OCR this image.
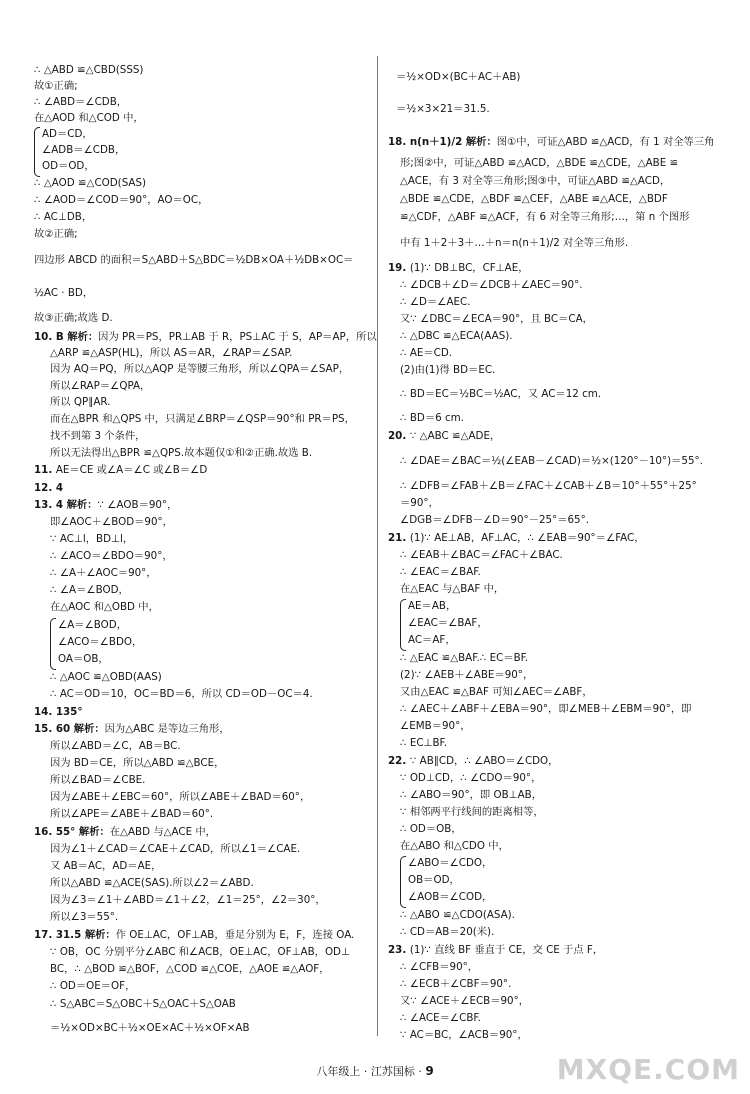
∴ △ABD ≌△CBD(SSS)
故①正确;
∴ ∠ABD＝∠CDB，
在△AOD 和△COD 中，
AD＝CD，
∠ADB＝∠CDB，
OD＝OD，
∴ △AOD ≌△COD(SAS)
∴ ∠AOD＝∠COD＝90°，AO＝OC，
∴ AC⊥DB，
故②正确;
四边形 ABCD 的面积＝S△ABD＋S△BDC＝½DB×OA＋½DB×OC＝
½AC · BD，
故③正确;故选 D.
10. B 解析：因为 PR＝PS，PR⊥AB 于 R，PS⊥AC 于 S，AP＝AP，所以
△ARP ≌△ASP(HL)，所以 AS＝AR，∠RAP＝∠SAP.
因为 AQ＝PQ，所以△AQP 是等腰三角形，所以∠QPA＝∠SAP，
所以∠RAP＝∠QPA，
所以 QP∥AR.
而在△BPR 和△QPS 中，只满足∠BRP＝∠QSP＝90°和 PR＝PS，
找不到第 3 个条件，
所以无法得出△BPR ≌△QPS.故本题仅①和②正确.故选 B.
11. AE＝CE 或∠A＝∠C 或∠B＝∠D
12. 4
13. 4 解析：∵ ∠AOB＝90°，
即∠AOC＋∠BOD＝90°，
∵ AC⊥l，BD⊥l，
∴ ∠ACO＝∠BDO＝90°，
∴ ∠A＋∠AOC＝90°，
∴ ∠A＝∠BOD，
在△AOC 和△OBD 中，
∠A＝∠BOD，
∠ACO＝∠BDO，
OA＝OB，
∴ △AOC ≌△OBD(AAS)
∴ AC＝OD＝10，OC＝BD＝6，所以 CD＝OD－OC＝4.
14. 135°
15. 60 解析：因为△ABC 是等边三角形，
所以∠ABD＝∠C，AB＝BC.
因为 BD＝CE，所以△ABD ≌△BCE，
所以∠BAD＝∠CBE.
因为∠ABE＋∠EBC＝60°，所以∠ABE＋∠BAD＝60°，
所以∠APE＝∠ABE＋∠BAD＝60°.
16. 55° 解析：在△ABD 与△ACE 中，
因为∠1＋∠CAD＝∠CAE＋∠CAD，所以∠1＝∠CAE.
又 AB＝AC，AD＝AE，
所以△ABD ≌△ACE(SAS).所以∠2＝∠ABD.
因为∠3＝∠1＋∠ABD＝∠1＋∠2，∠1＝25°，∠2＝30°，
所以∠3＝55°.
17. 31.5 解析：作 OE⊥AC，OF⊥AB，垂足分别为 E，F，连接 OA.
∵ OB，OC 分别平分∠ABC 和∠ACB，OE⊥AC，OF⊥AB，OD⊥
BC，∴ △BOD ≌△BOF，△COD ≌△COE，△AOE ≌△AOF，
∴ OD＝OE＝OF，
∴ S△ABC＝S△OBC＋S△OAC＋S△OAB
＝½×OD×BC＋½×OE×AC＋½×OF×AB
＝½×OD×(BC＋AC＋AB)
＝½×3×21＝31.5.
18. n(n＋1)/2 解析：图①中，可证△ABD ≌△ACD，有 1 对全等三角
形;图②中，可证△ABD ≌△ACD，△BDE ≌△CDE，△ABE ≌
△ACE，有 3 对全等三角形;图③中，可证△ABD ≌△ACD，
△BDE ≌△CDE，△BDF ≌△CEF，△ABE ≌△ACE，△BDF
≌△CDF，△ABF ≌△ACF，有 6 对全等三角形;…，第 n 个图形
中有 1＋2＋3＋…＋n＝n(n＋1)/2 对全等三角形.
19. (1)∵ DB⊥BC，CF⊥AE，
∴ ∠DCB＋∠D＝∠DCB＋∠AEC＝90°.
∴ ∠D＝∠AEC.
又∵ ∠DBC＝∠ECA＝90°，且 BC＝CA，
∴ △DBC ≌△ECA(AAS).
∴ AE＝CD.
(2)由(1)得 BD＝EC.
∴ BD＝EC＝½BC＝½AC，又 AC＝12 cm.
∴ BD＝6 cm.
20. ∵ △ABC ≌△ADE，
∴ ∠DAE＝∠BAC＝½(∠EAB－∠CAD)＝½×(120°－10°)＝55°.
∴ ∠DFB＝∠FAB＋∠B＝∠FAC＋∠CAB＋∠B＝10°＋55°＋25°
＝90°，
∠DGB＝∠DFB－∠D＝90°－25°＝65°.
21. (1)∵ AE⊥AB，AF⊥AC，∴ ∠EAB＝90°＝∠FAC，
∴ ∠EAB＋∠BAC＝∠FAC＋∠BAC.
∴ ∠EAC＝∠BAF.
在△EAC 与△BAF 中，
AE＝AB，
∠EAC＝∠BAF，
AC＝AF，
∴ △EAC ≌△BAF.∴ EC＝BF.
(2)∵ ∠AEB＋∠ABE＝90°，
又由△EAC ≌△BAF 可知∠AEC＝∠ABF，
∴ ∠AEC＋∠ABF＋∠EBA＝90°，即∠MEB＋∠EBM＝90°，即
∠EMB＝90°，
∴ EC⊥BF.
22. ∵ AB∥CD，∴ ∠ABO＝∠CDO，
∵ OD⊥CD，∴ ∠CDO＝90°，
∴ ∠ABO＝90°，即 OB⊥AB，
∵ 相邻两平行线间的距离相等，
∴ OD＝OB，
在△ABO 和△CDO 中，
∠ABO＝∠CDO，
OB＝OD，
∠AOB＝∠COD，
∴ △ABO ≌△CDO(ASA).
∴ CD＝AB＝20(米).
23. (1)∵ 直线 BF 垂直于 CE，交 CE 于点 F，
∴ ∠CFB＝90°，
∴ ∠ECB＋∠CBF＝90°.
又∵ ∠ACE＋∠ECB＝90°，
∴ ∠ACE＝∠CBF.
∵ AC＝BC，∠ACB＝90°，
八年级上 · 江苏国标 · 9	MXQE.COM
